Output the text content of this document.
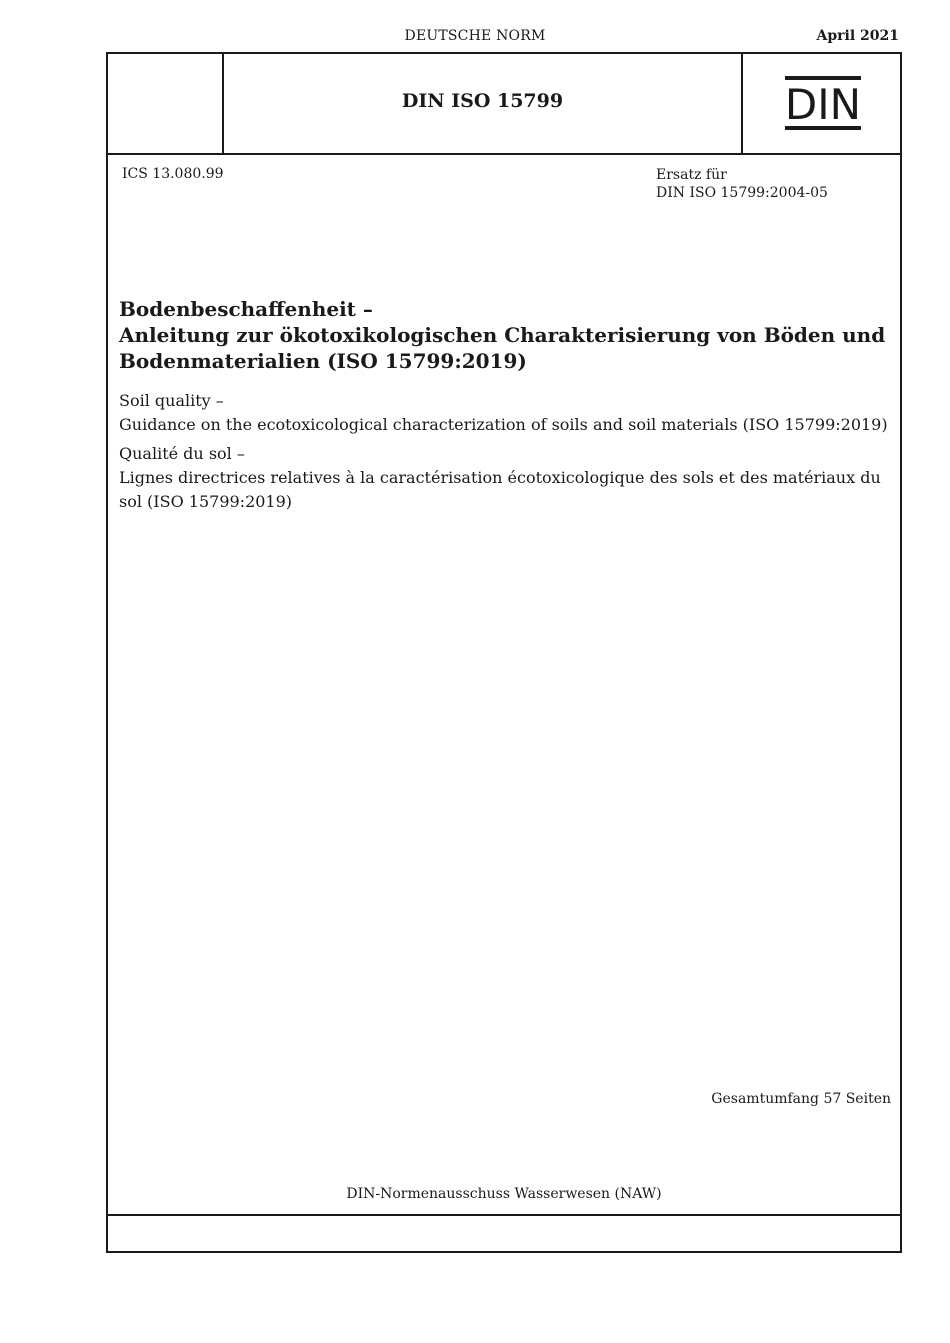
DEUTSCHE NORM	April 2021
DIN ISO 15799	DIN
ICS 13.080.99	Ersatz für
DIN ISO 15799:2004-05
Bodenbeschaffenheit –
Anleitung zur ökotoxikologischen Charakterisierung von Böden und Bodenmaterialien (ISO 15799:2019)
Soil quality –
Guidance on the ecotoxicological characterization of soils and soil materials (ISO 15799:2019)
Qualité du sol –
Lignes directrices relatives à la caractérisation écotoxicologique des sols et des matériaux du sol (ISO 15799:2019)
Gesamtumfang 57 Seiten
DIN-Normenausschuss Wasserwesen (NAW)
